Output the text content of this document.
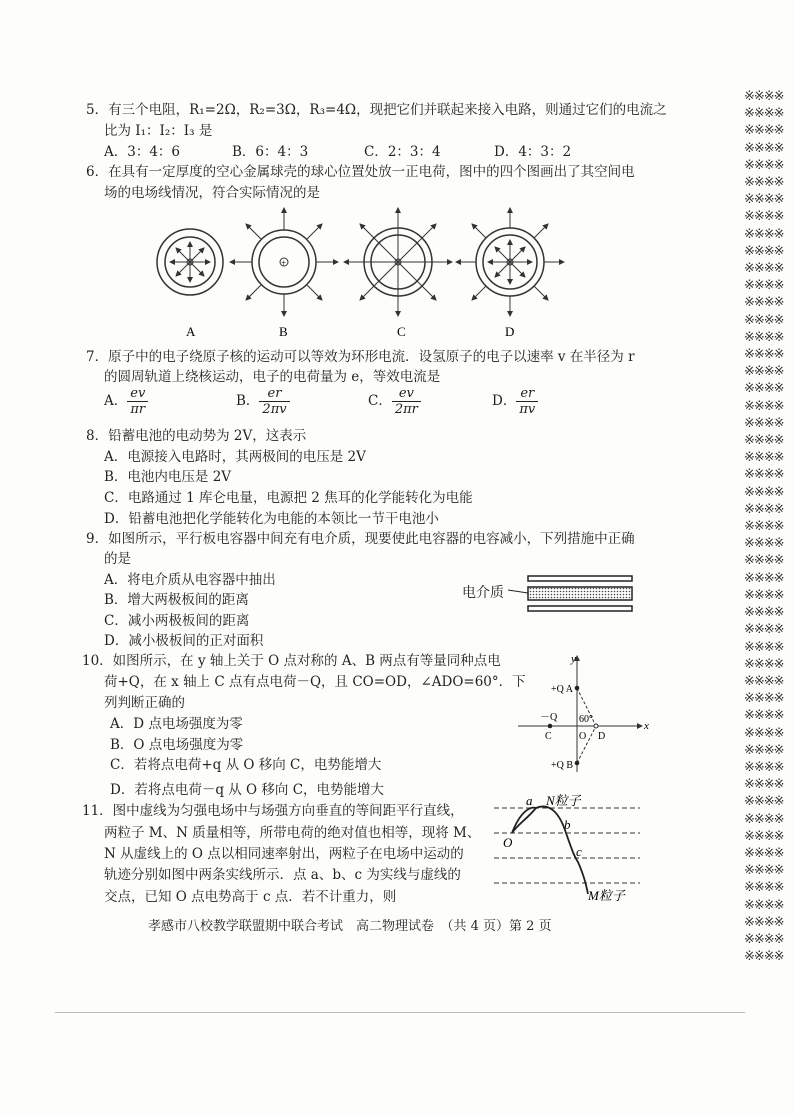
5．有三个电阻，R₁=2Ω，R₂=3Ω，R₃=4Ω，现把它们并联起来接入电路，则通过它们的电流之
比为 I₁：I₂：I₃ 是
A．3：4：6	B．6：4：3	C．2：3：4	D．4：3：2
6．在具有一定厚度的空心金属球壳的球心位置处放一正电荷，图中的四个图画出了其空间电
场的电场线情况，符合实际情况的是
+
A	B	C	D
7．原子中的电子绕原子核的运动可以等效为环形电流．设氢原子的电子以速率 v 在半径为 r
的圆周轨道上绕核运动，电子的电荷量为 e，等效电流是
A． $\frac{ev}{\pi r}$	B． $\frac{er}{2\pi v}$	C． $\frac{ev}{2\pi r}$	D． $\frac{er}{\pi v}$
8．铅蓄电池的电动势为 2V，这表示
A．电源接入电路时，其两极间的电压是 2V
B．电池内电压是 2V
C．电路通过 1 库仑电量，电源把 2 焦耳的化学能转化为电能
D．铅蓄电池把化学能转化为电能的本领比一节干电池小
9．如图所示，平行板电容器中间充有电介质，现要使此电容器的电容减小，下列措施中正确
的是
A．将电介质从电容器中抽出
B．增大两极板间的距离
C．减小两极板间的距离
D．减小极板间的正对面积
电介质
10．如图所示，在 y 轴上关于 O 点对称的 A、B 两点有等量同种点电
荷+Q，在 x 轴上 C 点有点电荷－Q，且 CO=OD，∠ADO=60°．下
列判断正确的
A．D 点电场强度为零
B．O 点电场强度为零
C．若将点电荷+q 从 O 移向 C，电势能增大
D．若将点电荷－q 从 O 移向 C，电势能增大
y
x
+Q A
+Q B
－Q
C	O D
60°
11．图中虚线为匀强电场中与场强方向垂直的等间距平行直线，
两粒子 M、N 质量相等，所带电荷的绝对值也相等，现将 M、
N 从虚线上的 O 点以相同速率射出，两粒子在电场中运动的
轨迹分别如图中两条实线所示．点 a、b、c 为实线与虚线的
交点，已知 O 点电势高于 c 点．若不计重力，则
a N粒子
b
O
c
M粒子
孝感市八校教学联盟期中联合考试　高二物理试卷　（共 4 页）第 2 页
※※※※
※※※※
※※※※
※※※※
※※※※
※※※※
※※※※
※※※※
※※※※
※※※※
※※※※
※※※※
※※※※
※※※※
※※※※
※※※※
※※※※
※※※※
※※※※
※※※※
※※※※
※※※※
※※※※
※※※※
※※※※
※※※※
※※※※
※※※※
※※※※
※※※※
※※※※
※※※※
※※※※
※※※※
※※※※
※※※※
※※※※
※※※※
※※※※
※※※※
※※※※
※※※※
※※※※
※※※※
※※※※
※※※※
※※※※
※※※※
※※※※
※※※※
※※※※
